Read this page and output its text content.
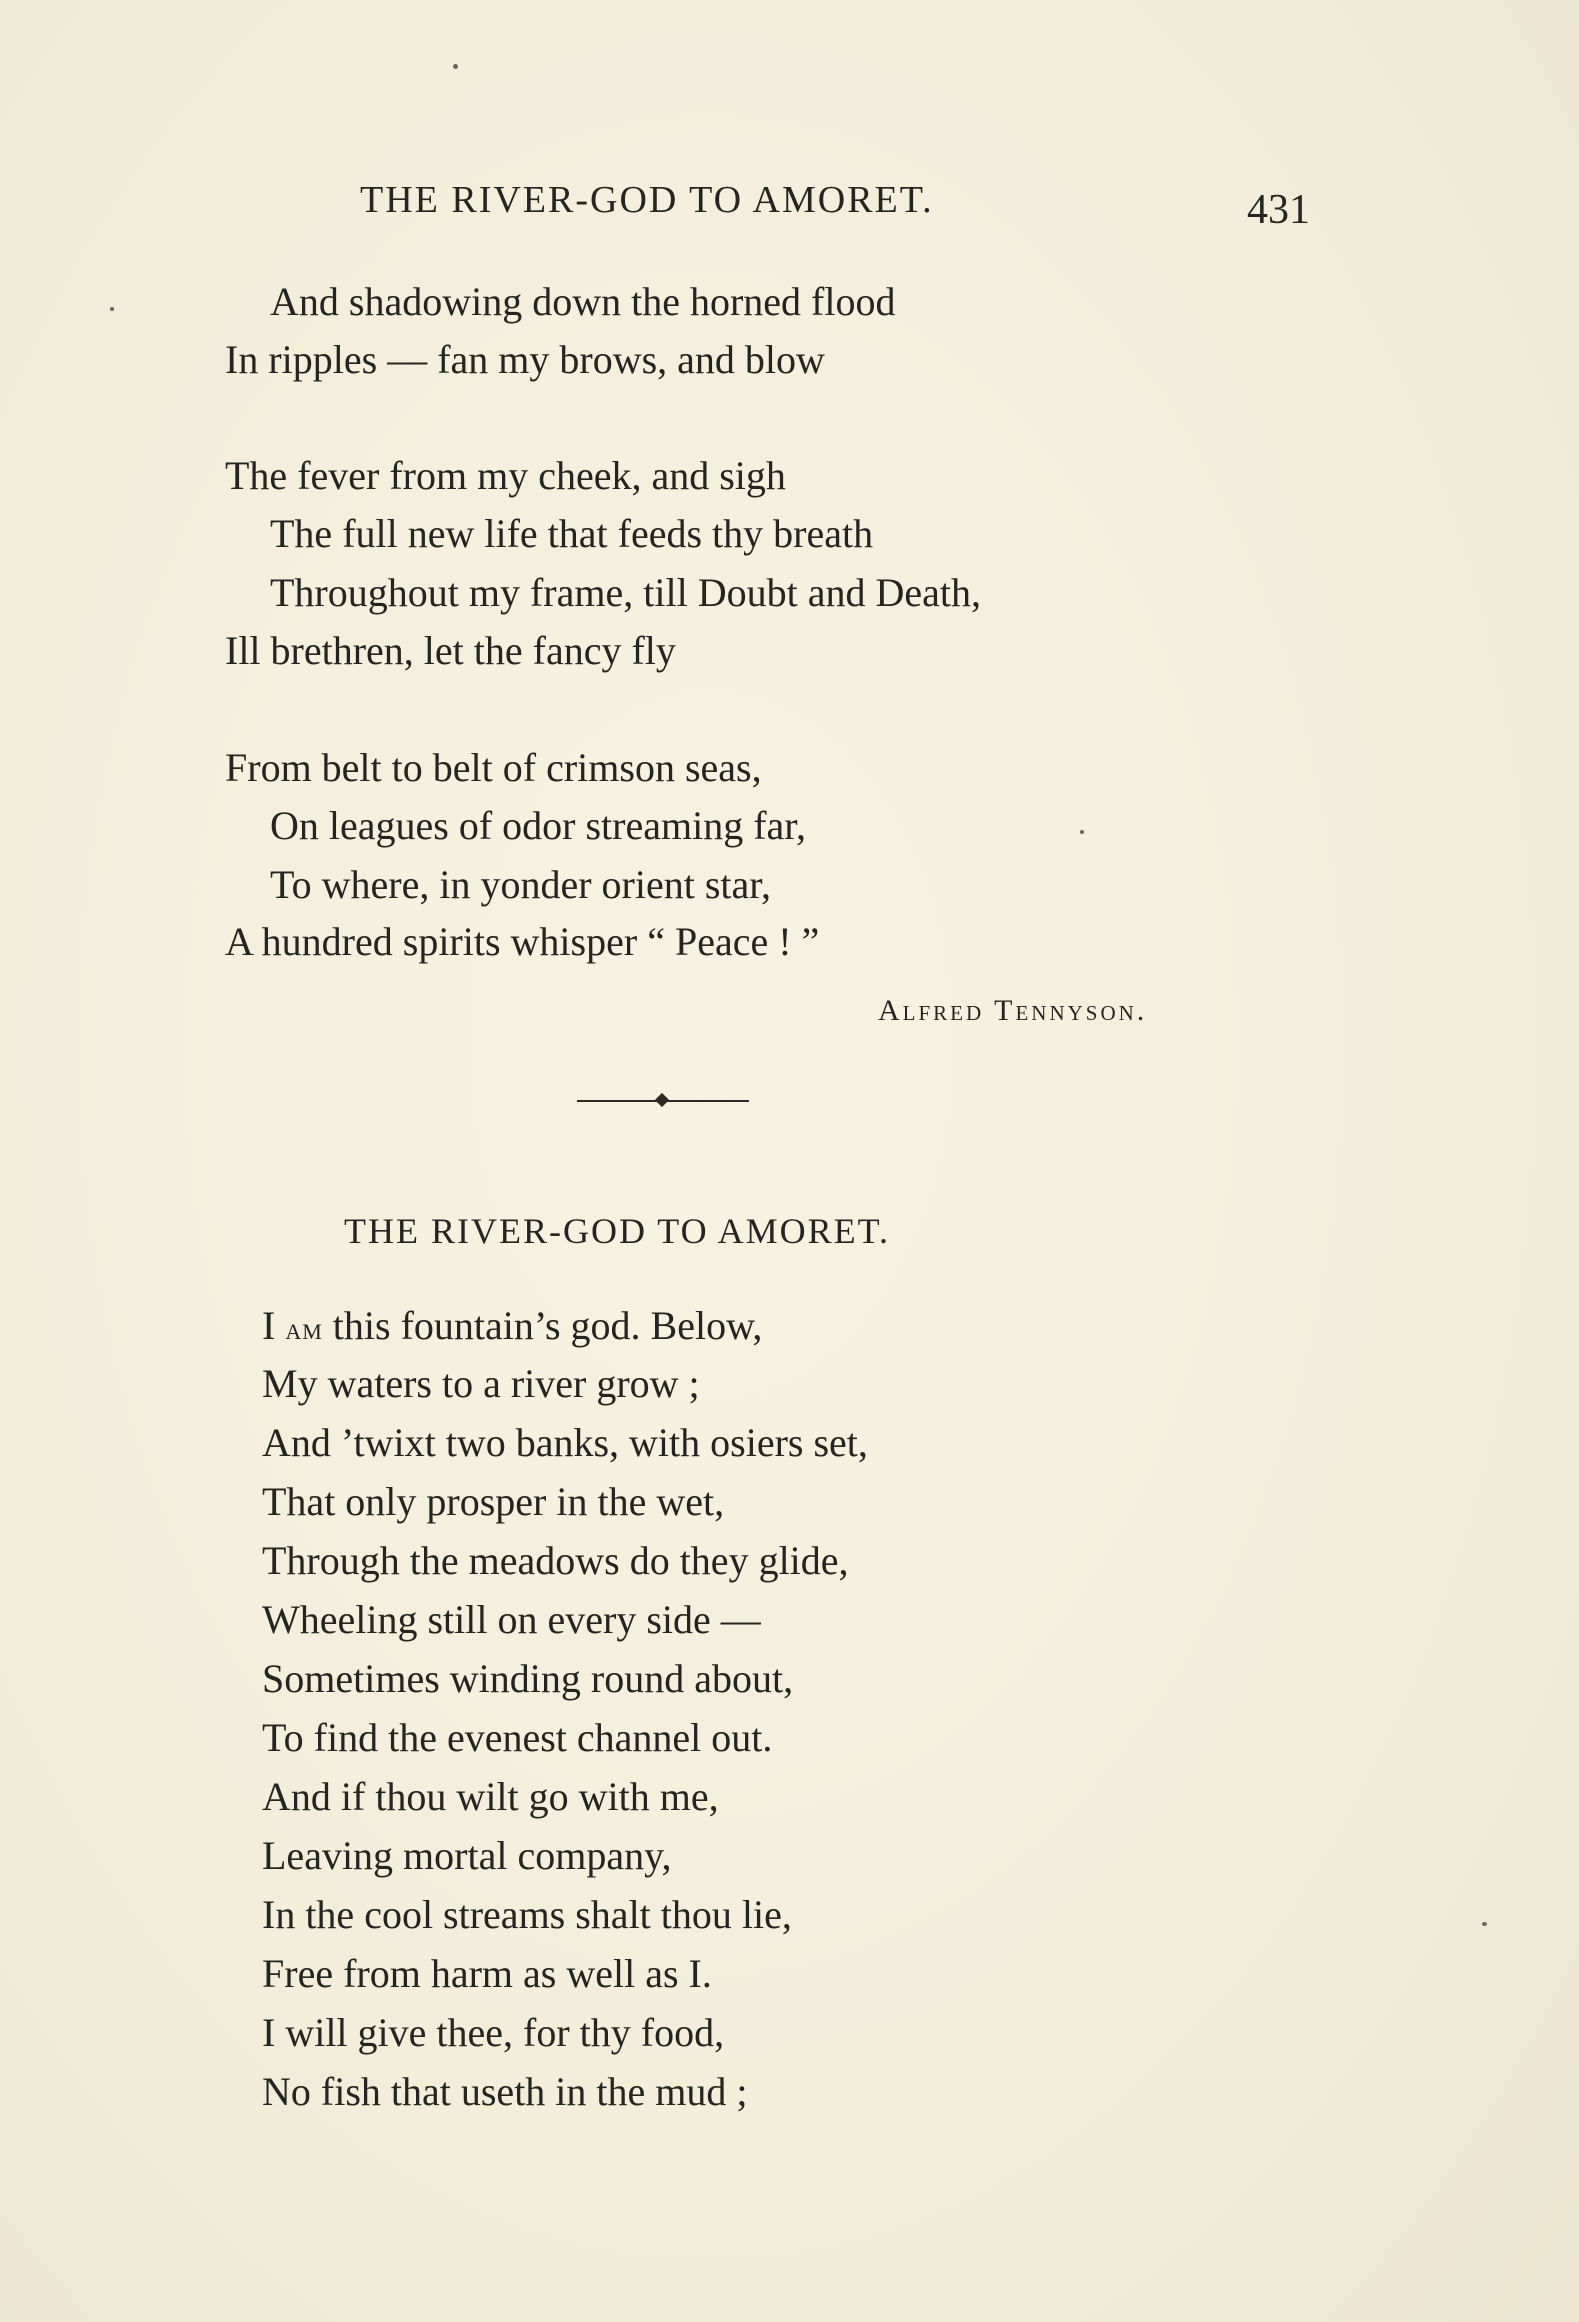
THE RIVER-GOD TO AMORET.	431
And shadowing down the horned flood
In ripples — fan my brows, and blow
The fever from my cheek, and sigh
The full new life that feeds thy breath
Throughout my frame, till Doubt and Death,
Ill brethren, let the fancy fly
From belt to belt of crimson seas,
On leagues of odor streaming far,
To where, in yonder orient star,
A hundred spirits whisper “ Peace ! ”
Alfred Tennyson.
THE RIVER-GOD TO AMORET.
I am this fountain’s god. Below,
My waters to a river grow ;
And ’twixt two banks, with osiers set,
That only prosper in the wet,
Through the meadows do they glide,
Wheeling still on every side —
Sometimes winding round about,
To find the evenest channel out.
And if thou wilt go with me,
Leaving mortal company,
In the cool streams shalt thou lie,
Free from harm as well as I.
I will give thee, for thy food,
No fish that useth in the mud ;
